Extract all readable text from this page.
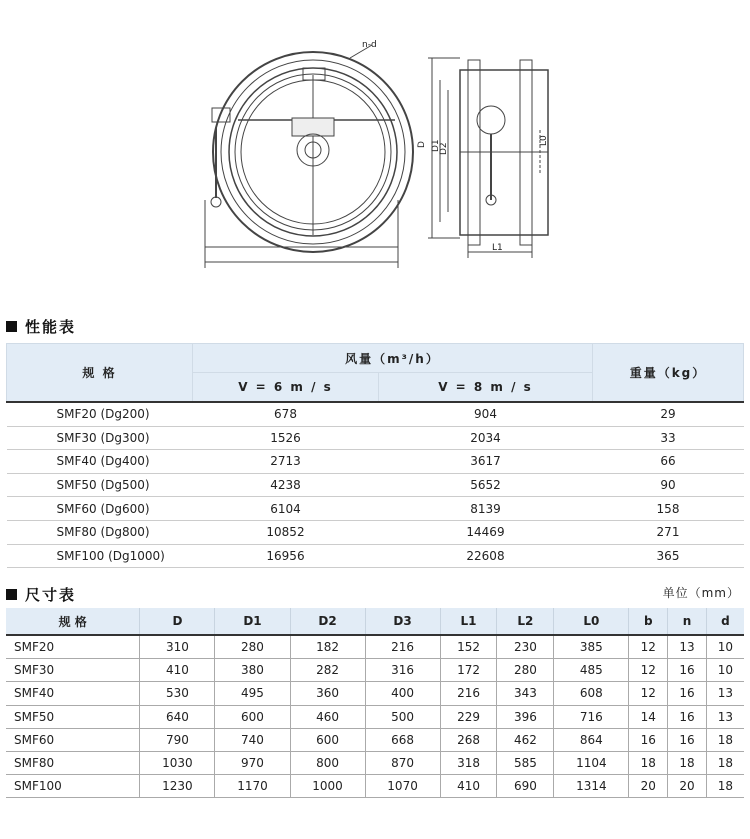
n-d
D D1
D2
L0
L1
性能表
规 格	风量（m³/h）		重量（kg）
	V = 6 m / s	V = 8 m / s	
SMF20 (Dg200)	678	904	29
SMF30 (Dg300)	1526	2034	33
SMF40 (Dg400)	2713	3617	66
SMF50 (Dg500)	4238	5652	90
SMF60 (Dg600)	6104	8139	158
SMF80 (Dg800)	10852	14469	271
SMF100 (Dg1000)	16956	22608	365
尺寸表	单位（mm）
规 格	D	D1	D2	D3	L1	L2	L0	b	n	d
SMF20	310	280	182	216	152	230	385	12	13	10
SMF30	410	380	282	316	172	280	485	12	16	10
SMF40	530	495	360	400	216	343	608	12	16	13
SMF50	640	600	460	500	229	396	716	14	16	13
SMF60	790	740	600	668	268	462	864	16	16	18
SMF80	1030	970	800	870	318	585	1104	18	18	18
SMF100	1230	1170	1000	1070	410	690	1314	20	20	18
